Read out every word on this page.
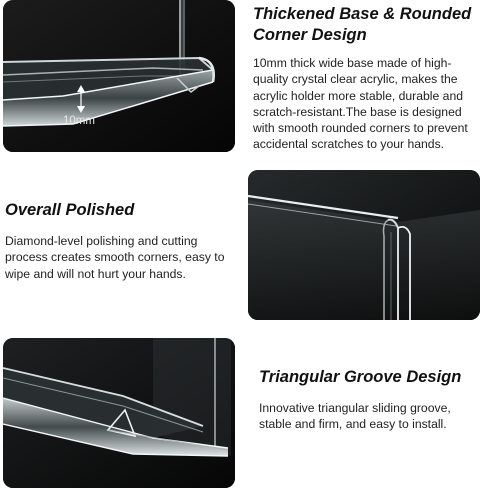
10mm
Thickened Base & Rounded Corner Design
10mm thick wide base made of high-quality crystal clear acrylic, makes the acrylic holder more stable, durable and scratch-resistant.The base is designed with smooth rounded corners to prevent accidental scratches to your hands.
Overall Polished
Diamond-level polishing and cutting process creates smooth corners, easy to wipe and will not hurt your hands.
Triangular Groove Design
Innovative triangular sliding groove, stable and firm, and easy to install.
